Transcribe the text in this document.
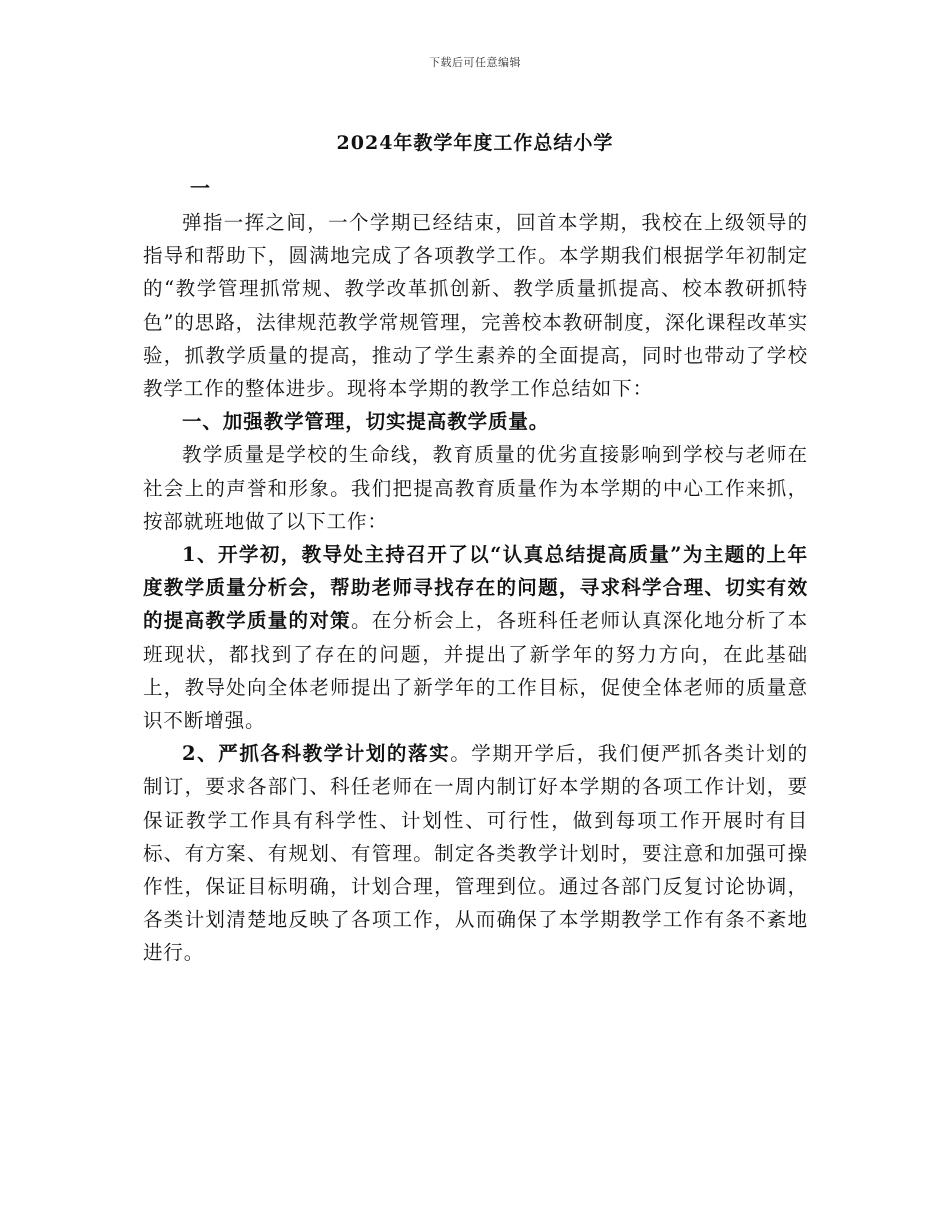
下载后可任意编辑
2024年教学年度工作总结小学
一

弹指一挥之间，一个学期已经结束，回首本学期，我校在上级领导的指导和帮助下，圆满地完成了各项教学工作。本学期我们根据学年初制定的“教学管理抓常规、教学改革抓创新、教学质量抓提高、校本教研抓特色”的思路，法律规范教学常规管理，完善校本教研制度，深化课程改革实验，抓教学质量的提高，推动了学生素养的全面提高，同时也带动了学校教学工作的整体进步。现将本学期的教学工作总结如下：

一、加强教学管理，切实提高教学质量。

教学质量是学校的生命线，教育质量的优劣直接影响到学校与老师在社会上的声誉和形象。我们把提高教育质量作为本学期的中心工作来抓，按部就班地做了以下工作：

1、开学初，教导处主持召开了以“认真总结提高质量”为主题的上年度教学质量分析会，帮助老师寻找存在的问题，寻求科学合理、切实有效的提高教学质量的对策。在分析会上，各班科任老师认真深化地分析了本班现状，都找到了存在的问题，并提出了新学年的努力方向，在此基础上，教导处向全体老师提出了新学年的工作目标，促使全体老师的质量意识不断增强。

2、严抓各科教学计划的落实。学期开学后，我们便严抓各类计划的制订，要求各部门、科任老师在一周内制订好本学期的各项工作计划，要保证教学工作具有科学性、计划性、可行性，做到每项工作开展时有目标、有方案、有规划、有管理。制定各类教学计划时，要注意和加强可操作性，保证目标明确，计划合理，管理到位。通过各部门反复讨论协调，各类计划清楚地反映了各项工作，从而确保了本学期教学工作有条不紊地进行。
